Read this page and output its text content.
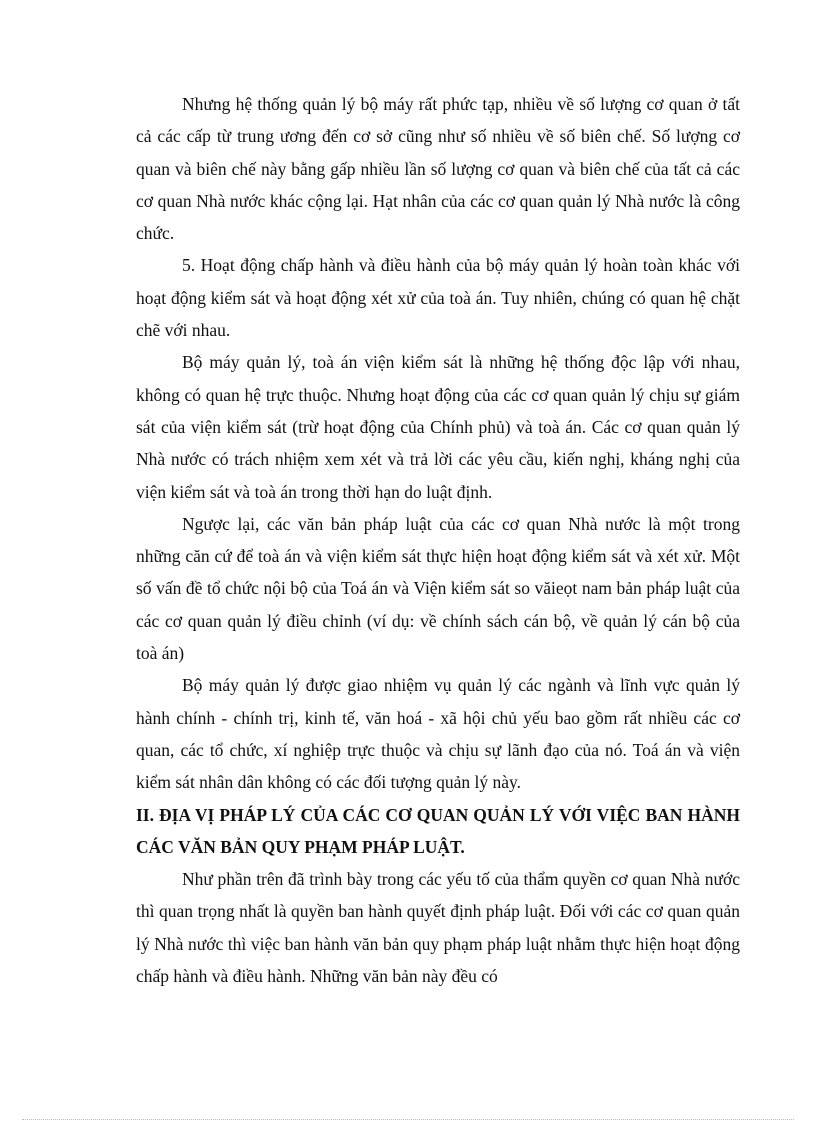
Nhưng hệ thống quản lý bộ máy rất phức tạp, nhiều về số lượng cơ quan ở tất cả các cấp từ trung ương đến cơ sở cũng như số nhiều về số biên chế. Số lượng cơ quan và biên chế này bằng gấp nhiều lần số lượng cơ quan và biên chế của tất cả các cơ quan Nhà nước khác cộng lại. Hạt nhân của các cơ quan quản lý Nhà nước là công chức.

5. Hoạt động chấp hành và điều hành của bộ máy quản lý hoàn toàn khác với hoạt động kiểm sát và hoạt động xét xử của toà án. Tuy nhiên, chúng có quan hệ chặt chẽ với nhau.

Bộ máy quản lý, toà án viện kiểm sát là những hệ thống độc lập với nhau, không có quan hệ trực thuộc. Nhưng hoạt động của các cơ quan quản lý chịu sự giám sát của viện kiểm sát (trừ hoạt động của Chính phủ) và toà án. Các cơ quan quản lý Nhà nước có trách nhiệm xem xét và trả lời các yêu cầu, kiến nghị, kháng nghị của viện kiểm sát và toà án trong thời hạn do luật định.

Ngược lại, các văn bản pháp luật của các cơ quan Nhà nước là một trong những căn cứ để toà án và viện kiểm sát thực hiện hoạt động kiểm sát và xét xử. Một số vấn đề tổ chức nội bộ của Toá án và Viện kiểm sát so văieọt nam bản pháp luật của các cơ quan quản lý điều chỉnh (ví dụ: về chính sách cán bộ, về quản lý cán bộ của toà án)

Bộ máy quản lý được giao nhiệm vụ quản lý các ngành và lĩnh vực quản lý hành chính - chính trị, kinh tế, văn hoá - xã hội chủ yếu bao gồm rất nhiều các cơ quan, các tổ chức, xí nghiệp trực thuộc và chịu sự lãnh đạo của nó. Toá án và viện kiểm sát nhân dân không có các đối tượng quản lý này.

II. ĐỊA VỊ PHÁP LÝ CỦA CÁC CƠ QUAN QUẢN LÝ VỚI VIỆC BAN HÀNH CÁC VĂN BẢN QUY PHẠM PHÁP LUẬT.

Như phần trên đã trình bày trong các yếu tố của thẩm quyền cơ quan Nhà nước thì quan trọng nhất là quyền ban hành quyết định pháp luật. Đối với các cơ quan quản lý Nhà nước thì việc ban hành văn bản quy phạm pháp luật nhằm thực hiện hoạt động chấp hành và điều hành. Những văn bản này đều có
